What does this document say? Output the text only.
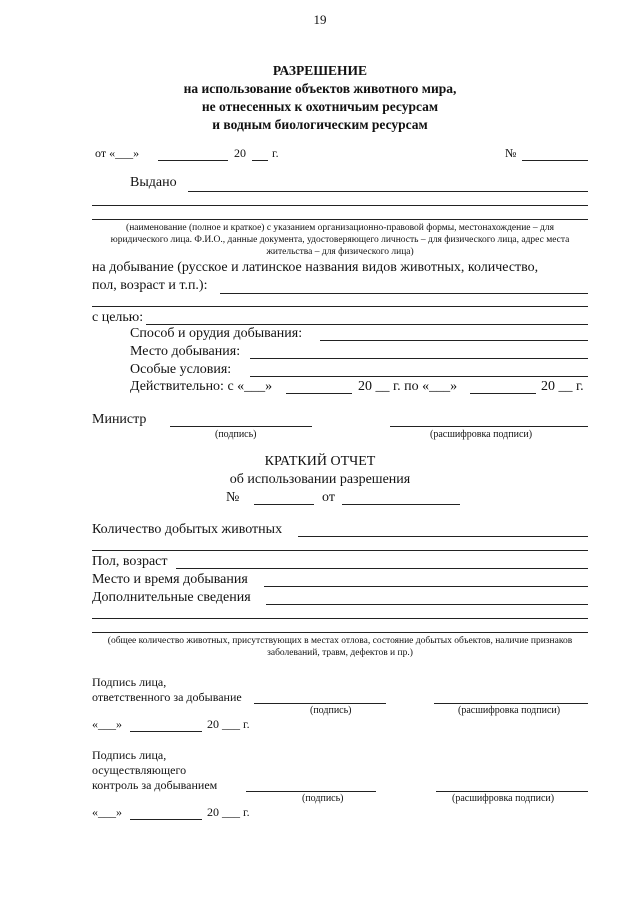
19
РАЗРЕШЕНИЕ
на использование объектов животного мира,
не отнесенных к охотничьим ресурсам
и водным биологическим ресурсам
от «___»	20 г.	№
Выдано
(наименование (полное и краткое) с указанием организационно-правовой формы, местонахождение – для юридического лица. Ф.И.О., данные документа, удостоверяющего личность – для физического лица, адрес места жительства – для физического лица)
на добывание (русское и латинское названия видов животных, количество,
пол, возраст и т.п.):
с целью:
Способ и орудия добывания:
Место добывания:
Особые условия:
Действительно: с «___»	20 __ г. по «___»	20 __ г.
Министр
(подпись)	(расшифровка подписи)
КРАТКИЙ ОТЧЕТ
об использовании разрешения
№	от
Количество добытых животных
Пол, возраст
Место и время добывания
Дополнительные сведения
(общее количество животных, присутствующих в местах отлова, состояние добытых объектов, наличие признаков заболеваний, травм, дефектов и пр.)
Подпись лица,
ответственного за добывание
(подпись)	(расшифровка подписи)
«___»	20 ___ г.
Подпись лица,
осуществляющего
контроль за добыванием
(подпись)	(расшифровка подписи)
«___»	20 ___ г.
